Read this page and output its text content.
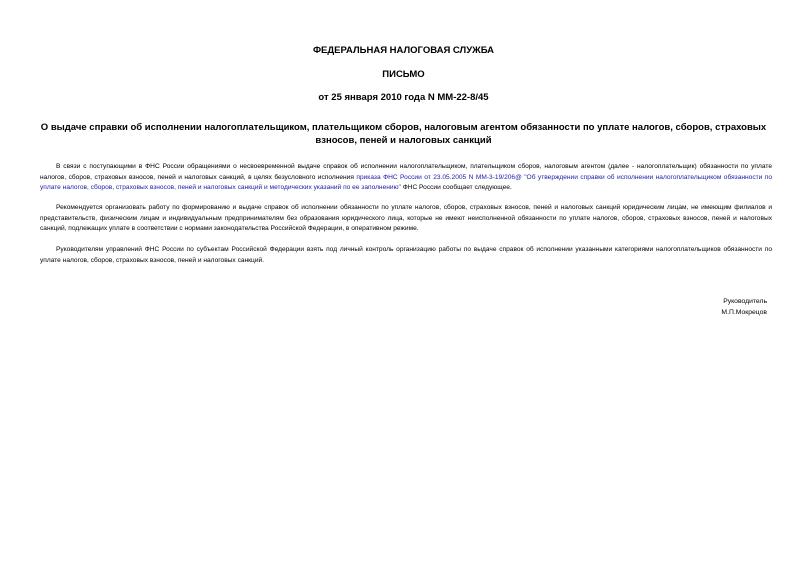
ФЕДЕРАЛЬНАЯ НАЛОГОВАЯ СЛУЖБА
ПИСЬМО
от 25 января 2010 года N ММ-22-8/45
О выдаче справки об исполнении налогоплательщиком, плательщиком сборов, налоговым агентом обязанности по уплате налогов, сборов, страховых взносов, пеней и налоговых санкций
В связи с поступающими в ФНС России обращениями о несвоевременной выдаче справок об исполнении налогоплательщиком, плательщиком сборов, налоговым агентом (далее - налогоплательщик) обязанности по уплате налогов, сборов, страховых взносов, пеней и налоговых санкций, в целях безусловного исполнения приказа ФНС России от 23.05.2005 N ММ-3-19/206@ "Об утверждении справки об исполнении налогоплательщиком обязанности по уплате налогов, сборов, страховых взносов, пеней и налоговых санкций и методических указаний по ее заполнению" ФНС России сообщает следующее.
Рекомендуется организовать работу по формированию и выдаче справок об исполнении обязанности по уплате налогов, сборов, страховых взносов, пеней и налоговых санкций юридическим лицам, не имеющим филиалов и представительств, физическим лицам и индивидуальным предпринимателям без образования юридического лица, которые не имеют неисполненной обязанности по уплате налогов, сборов, страховых взносов, пеней и налоговых санкций, подлежащих уплате в соответствии с нормами законодательства Российской Федерации, в оперативном режиме.
Руководителям управлений ФНС России по субъектам Российской Федерации взять под личный контроль организацию работы по выдаче справок об исполнении указанными категориями налогоплательщиков обязанности по уплате налогов, сборов, страховых взносов, пеней и налоговых санкций.
Руководитель
М.П.Мокрецов
